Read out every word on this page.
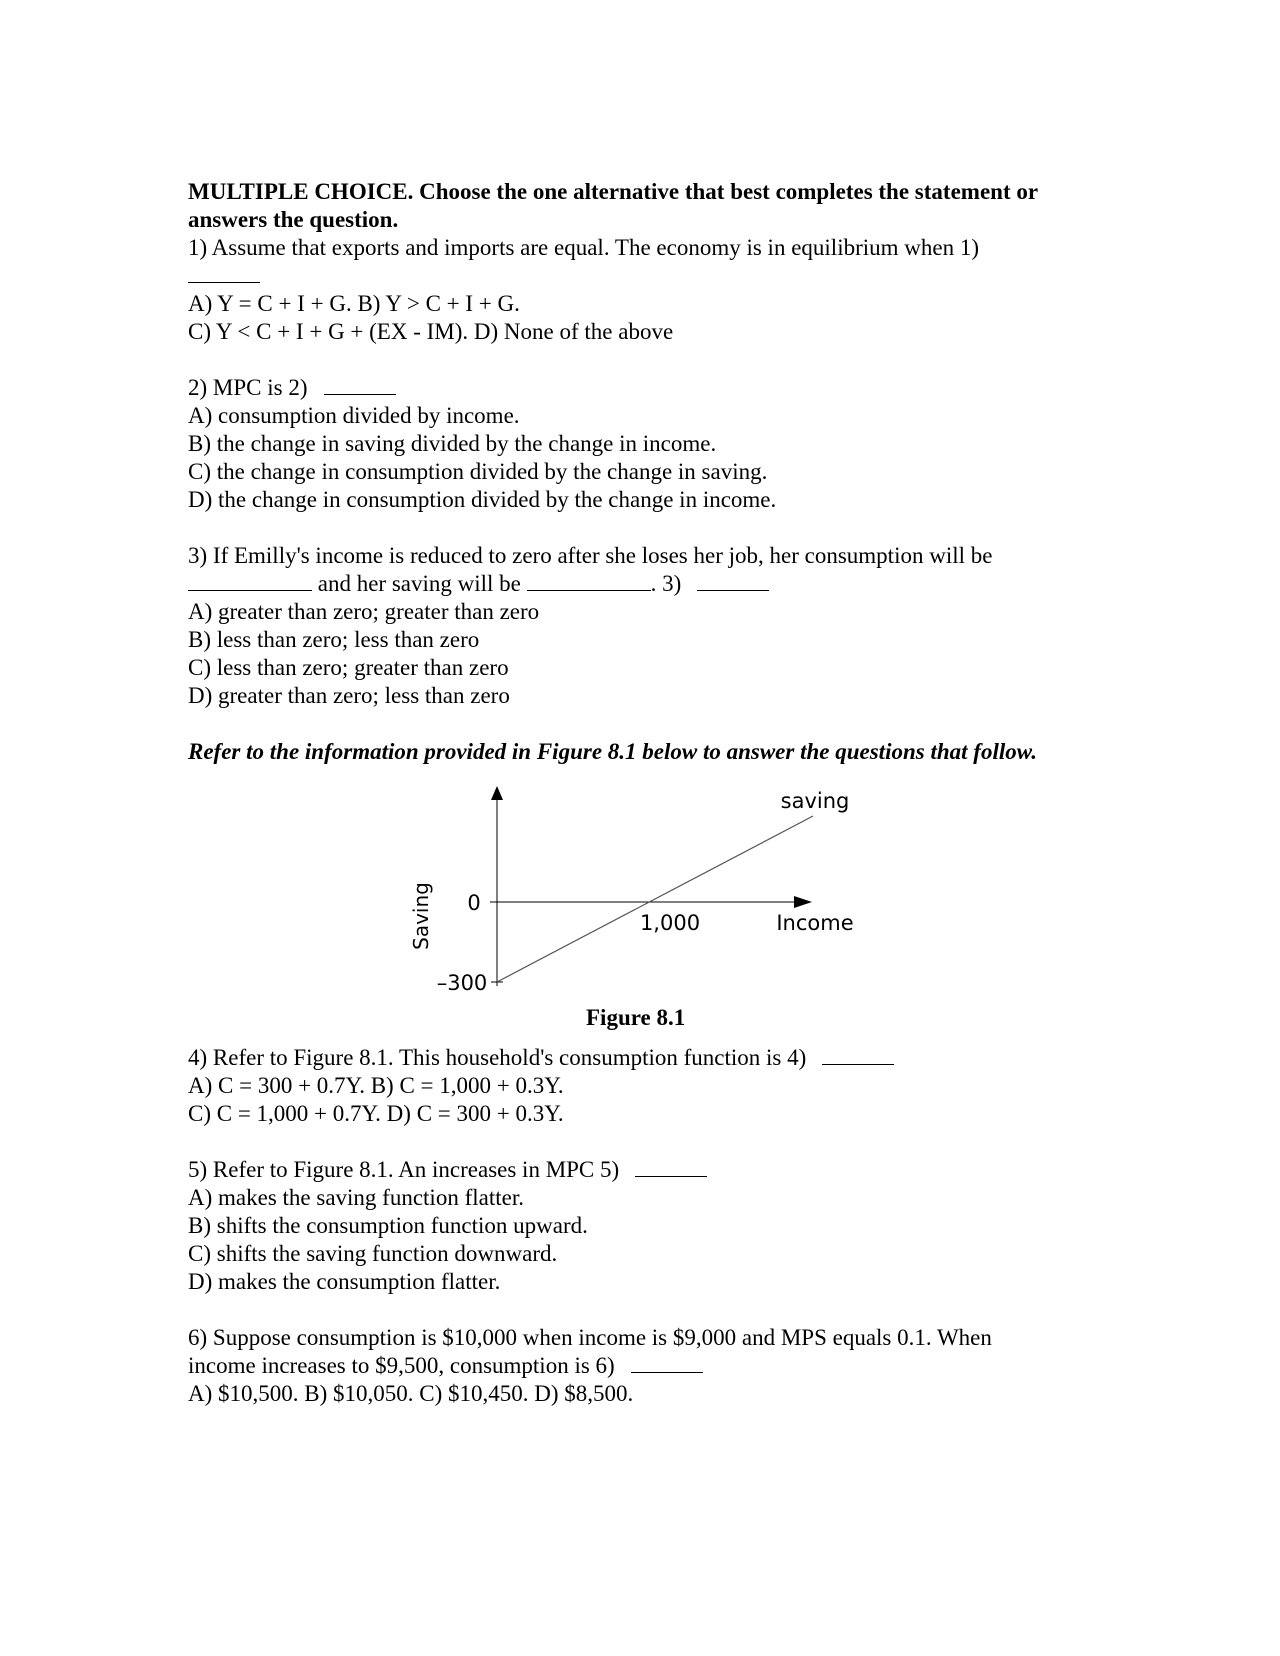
MULTIPLE CHOICE. Choose the one alternative that best completes the statement or answers the question.

1) Assume that exports and imports are equal. The economy is in equilibrium when 1)

A) Y = C + I + G. B) Y > C + I + G.

C) Y < C + I + G + (EX - IM). D) None of the above

2) MPC is 2)

A) consumption divided by income.

B) the change in saving divided by the change in income.

C) the change in consumption divided by the change in saving.

D) the change in consumption divided by the change in income.

3) If Emilly's income is reduced to zero after she loses her job, her consumption will be

and her saving will be	. 3)

A) greater than zero; greater than zero

B) less than zero; less than zero

C) less than zero; greater than zero

D) greater than zero; less than zero

Refer to the information provided in Figure 8.1 below to answer the questions that follow.

Saving 0
–300
1,000	Income
saving
Figure 8.1

4) Refer to Figure 8.1. This household's consumption function is 4)

A) C = 300 + 0.7Y. B) C = 1,000 + 0.3Y.

C) C = 1,000 + 0.7Y. D) C = 300 + 0.3Y.

5) Refer to Figure 8.1. An increases in MPC 5)

A) makes the saving function flatter.

B) shifts the consumption function upward.

C) shifts the saving function downward.

D) makes the consumption flatter.

6) Suppose consumption is $10,000 when income is $9,000 and MPS equals 0.1. When

income increases to $9,500, consumption is 6)

A) $10,500. B) $10,050. C) $10,450. D) $8,500.
